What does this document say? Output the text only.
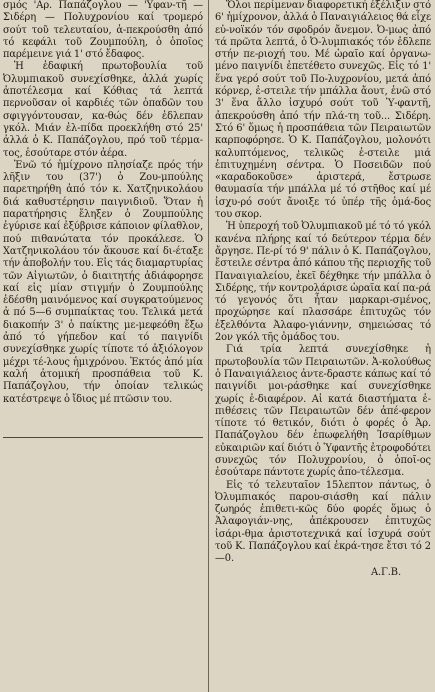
σμός 'Αρ. Παπάζογλου — 'Υφαν-τῆ — Σιδέρη — Πολυχρονίου καί τρομερό σούτ τοῦ τελευταίου, ἀ-πεκρούσθη ἀπό τό κεφάλι τοῦ Ζουμπούλη, ὁ ὁποῖος παρέμεινε γιά 1' στό ἔδαφος.

Ἡ ἐδαφική πρωτοβουλία τοῦ Ὀλυμπιακοῦ συνεχίσθηκε, ἀλλά χωρίς ἀποτέλεσμα καί Κόθιας τά λεπτά περνοῦσαν οἱ καρδιές τῶν ὀπαδῶν του σφιγγόντουσαν, κα-θώς δέν ἐδλεπαν γκόλ. Μιάν ἐλ-πίδα προεκλήθη στό 25' ἀλλά ὁ Κ. Παπάζογλου, πρό τοῦ τέρμα-τος, ἐσούταρε στόν ἀέρα.

Ἐνῶ τό ἡμίχρονο πλησίαζε πρός τήν λῆξιν του (37') ὁ Ζου-μπούλης παρετηρήθη ἀπό τόν κ. Χατζηνικολάου διά καθυστέρησιν παιγνιδιοῦ. Ὅταν ἡ παρατήρησις ἔληξεν ὁ Ζουμπούλης ἐγύρισε καί ἐξύβρισε κάποιον φίλαθλον, πού πιθανώτατα τόν προκάλεσε. Ὁ Χατζηνικολάου τόν ἄκουσε καί δι-έταξε τήν ἀποβολήν του. Εἰς τάς διαμαρτυρίας τῶν Αἰγιωτῶν, ὁ διαιτητής ἀδιάφορησε καί εἰς μίαν στιγμήν ὁ Ζουμπούλης ἐδέσθη μαινόμενος καί συγκρατούμενος ἀ πό 5—6 συμπαίκτας του. Τελικά μετά διακοπήν 3' ὁ παίκτης με-μεφεόθη ἔξω ἀπό τό γήπεδον καί τό παιγνίδι συνεχίσθηκε χωρίς τίποτε τό ἀξιόλογον μέχρι τέ-λους ἡμιχρόνου. Ἐκτός ἀπό μία καλή ἀτομική προσπάθεια τοῦ Κ. Παπάζογλου, τήν ὁποίαν τελικώς κατέστρεψε ὁ ἴδιος μέ πτῶσιν του.

Ὅλοι περίμεναν διαφορετική ἐξέλιξιν στό 6' ἡμίχρονον, ἀλλά ὁ Παναιγιάλειος θά εἶχε εὐ-νοϊκόν τόν σφοδρόν ἄνεμον. Ὀ-μως ἀπό τά πρῶτα λεπτά, ὁ Ὀ-λυμπιακός τόν ἐδλεπε στήν πε-ριοχή του. Μέ ὡραῖο καί ὀργανω-μένο παιγνίδι ἐπετέθετο συνεχῶς. Εἰς τό 1' ἕνα γερό σούτ τοῦ Πο-λυχρονίου, μετά ἀπό κόρνερ, ἐ-στειλε τήν μπάλλα ἄουτ, ἐνῶ στό 3' ἕνα ἄλλο ἰσχυρό σούτ τοῦ Ὑ-φαντῆ, ἀπεκρούσθη ἀπό τήν πλά-τη τοῦ... Σιδέρη. Στό 6' ὅμως ἡ προσπάθεια τῶν Πειραιωτῶν καρποφόρησε. Ὁ Κ. Παπάζογλου, μολονότι καλυπτόμενος, τελικῶς ἐ-στειλε μιά ἐπιτυχημένη σέντρα. Ὁ Ποσειδῶν πού «καραδοκοῦσε» ἀριστερά, ἔστρωσε θαυμασία τήν μπάλλα μέ τό στῆθος καί μέ ἰσχυ-ρό σούτ ἄνοιξε τό ὑπέρ τῆς ὁμά-δος του σκορ.

Ἡ ὑπεροχή τοῦ Ὀλυμπιακοῦ μέ τό τό γκόλ κανένα πλήρης καί τό δεύτερον τέρμα δέν ἄργησε. Πε-ρί τό 9' πάλιν ὁ Κ. Παπάζογλου, ἔστειλε σέντρα ἀπό κάπου τῆς περιοχῆς τοῦ Παναιγιαλείου, ἐκεῖ δέχθηκε τήν μπάλλα ὁ Σιδέρης, τήν κοντρολάρισε ὡραῖα καί πα-ρά τό γεγονός ὅτι ἦταν μαρκαρι-σμένος, προχώρησε καί πλασσάρε ἐπιτυχῶς τόν ἐξελθόντα Ἀλαφο-γιάννην, σημειώσας τό 2ον γκόλ τῆς ὁμάδος του.

Γιά τρία λεπτά συνεχίσθηκε ἡ πρωτοβουλία τῶν Πειραιωτῶν. Ἀ-κολούθως ὁ Παναιγιάλειος ἀντε-δραστε κάπως καί τό παιγνίδι μοι-ράσθηκε καί συνεχίσθηκε χωρίς ἐ-διαφέρον. Αἱ κατά διαστήματα ἐ-πιθέσεις τῶν Πειραιωτῶν δέν ἀπέ-φερον τίποτε τό θετικόν, διότι ὁ φορές ὁ Ἀρ. Παπάζογλου δέν ἐπωφελήθη Ἰσαρίθμων εὐκαιριῶν καί διότι ὁ Ὑφαντῆς ἐτροφοδότει συνεχῶς τόν Πολυχρονίου, ὁ ὁποῖ-ος ἐσούταρε πάντοτε χωρίς ἀπο-τέλεσμα.

Εἰς τό τελευταῖον 15λεπτον πάντως, ὁ Ὀλυμπιακός παρου-σιάσθη καί πάλιν ζωηρός ἐπιθετι-κῶς δύο φορές ὅμως ὁ Ἀλαφογιάν-νης, ἀπέκρουσεν ἐπιτυχῶς ἰσάρι-θμα ἀριστοτεχνικά καί ἰσχυρά σούτ τοῦ Κ. Παπάζογλου καί ἐκρά-τησε ἔτσι τό 2—0.

Α.Γ.Β.
